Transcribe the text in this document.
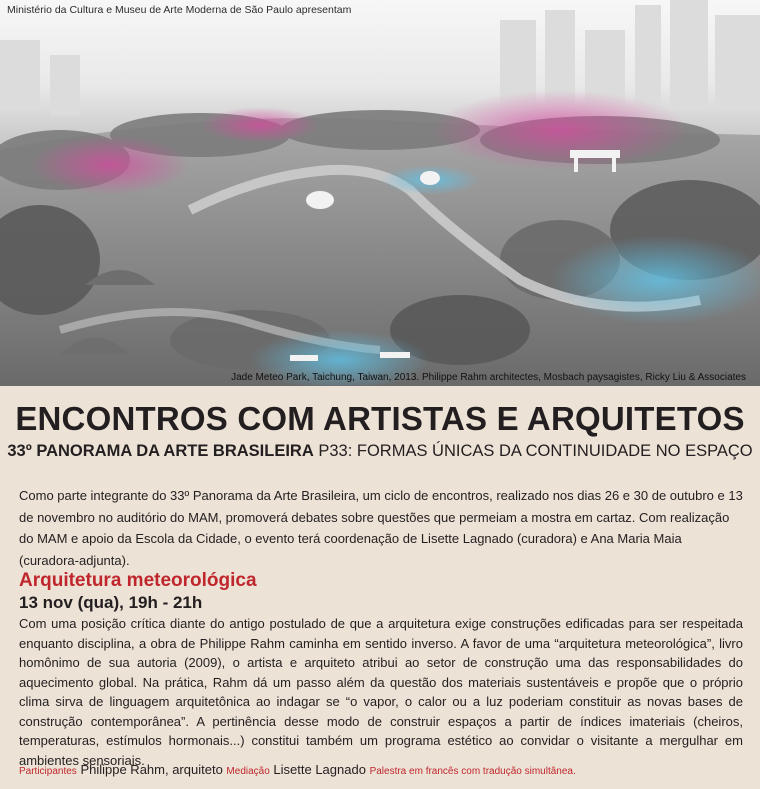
Ministério da Cultura e Museu de Arte Moderna de São Paulo apresentam
Jade Meteo Park, Taichung, Taiwan, 2013. Philippe Rahm architectes, Mosbach paysagistes, Ricky Liu & Associates
ENCONTROS COM ARTISTAS E ARQUITETOS
33º PANORAMA DA ARTE BRASILEIRA P33: FORMAS ÚNICAS DA CONTINUIDADE NO ESPAÇO

Como parte integrante do 33º Panorama da Arte Brasileira, um ciclo de encontros, realizado nos dias 26 e 30 de outubro e 13 de novembro no auditório do MAM, promoverá debates sobre questões que permeiam a mostra em cartaz. Com realização do MAM e apoio da Escola da Cidade, o evento terá coordenação de Lisette Lagnado (curadora) e Ana Maria Maia (curadora-adjunta).

Arquitetura meteorológica
13 nov (qua), 19h - 21h

Com uma posição crítica diante do antigo postulado de que a arquitetura exige construções edificadas para ser respeitada enquanto disciplina, a obra de Philippe Rahm caminha em sentido inverso. A favor de uma “arquitetura meteorológica”, livro homônimo de sua autoria (2009), o artista e arquiteto atribui ao setor de construção uma das responsabilidades do aquecimento global. Na prática, Rahm dá um passo além da questão dos materiais sustentáveis e propõe que o próprio clima sirva de linguagem arquitetônica ao indagar se “o vapor, o calor ou a luz poderiam constituir as novas bases de construção contemporânea”. A pertinência desse modo de construir espaços a partir de índices imateriais (cheiros, temperaturas, estímulos hormonais...) constitui também um programa estético ao convidar o visitante a mergulhar em ambientes sensoriais.

Participantes Philippe Rahm, arquiteto Mediação Lisette Lagnado Palestra em francês com tradução simultânea.
